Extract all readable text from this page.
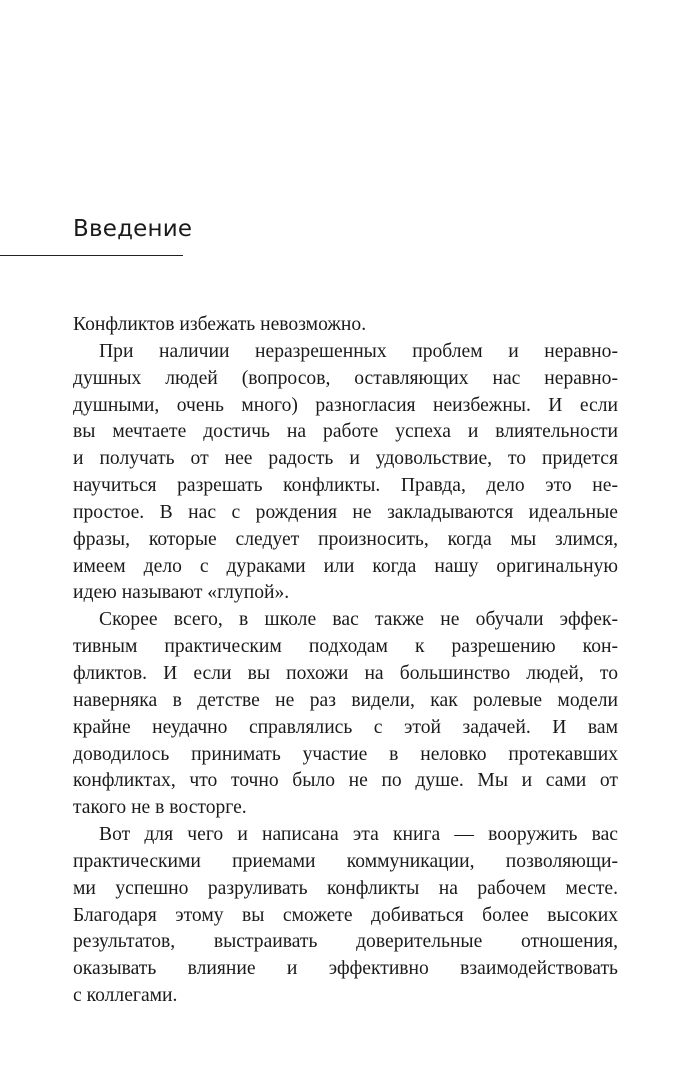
Введение
Конфликтов избежать невозможно.
При наличии неразрешенных проблем и неравно-
душных людей (вопросов, оставляющих нас неравно-
душными, очень много) разногласия неизбежны. И если
вы мечтаете достичь на работе успеха и влиятельности
и получать от нее радость и удовольствие, то придется
научиться разрешать конфликты. Правда, дело это не-
простое. В нас с рождения не закладываются идеальные
фразы, которые следует произносить, когда мы злимся,
имеем дело с дураками или когда нашу оригинальную
идею называют «глупой».
Скорее всего, в школе вас также не обучали эффек-
тивным практическим подходам к разрешению кон-
фликтов. И если вы похожи на большинство людей, то
наверняка в детстве не раз видели, как ролевые модели
крайне неудачно справлялись с этой задачей. И вам
доводилось принимать участие в неловко протекавших
конфликтах, что точно было не по душе. Мы и сами от
такого не в восторге.
Вот для чего и написана эта книга — вооружить вас
практическими приемами коммуникации, позволяющи-
ми успешно разруливать конфликты на рабочем месте.
Благодаря этому вы сможете добиваться более высоких
результатов, выстраивать доверительные отношения,
оказывать влияние и эффективно взаимодействовать
с коллегами.
